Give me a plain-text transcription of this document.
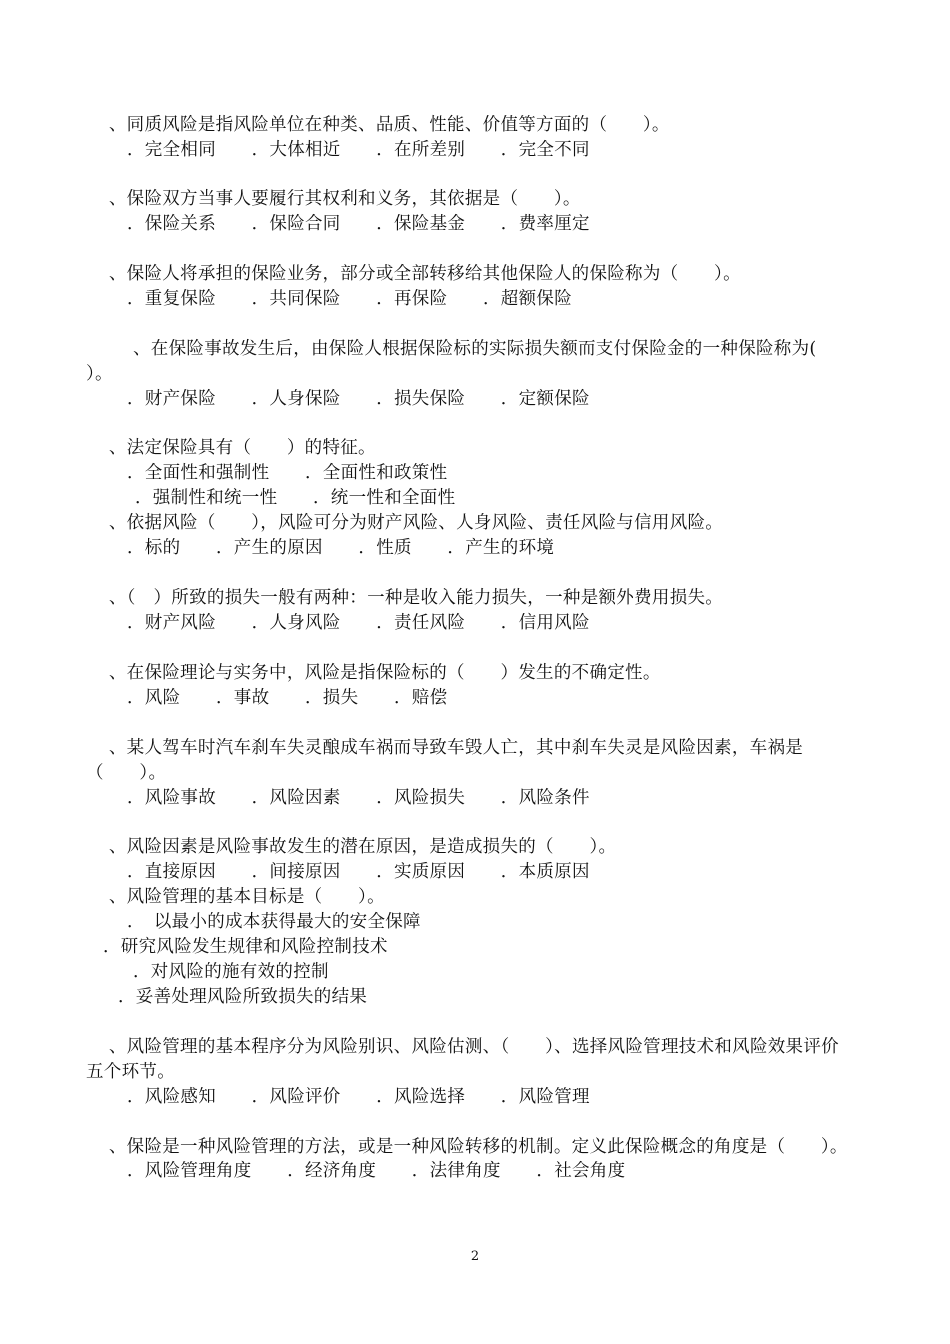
、同质风险是指风险单位在种类、品质、性能、价值等方面的（　　）。
．完全相同　　．大体相近　　．在所差别　　．完全不同
、保险双方当事人要履行其权利和义务，其依据是（　　）。
．保险关系　　．保险合同　　．保险基金　　．费率厘定
、保险人将承担的保险业务，部分或全部转移给其他保险人的保险称为（　　）。
．重复保险　　．共同保险　　．再保险　　．超额保险
、在保险事故发生后，由保险人根据保险标的实际损失额而支付保险金的一种保险称为(
）。
．财产保险　　．人身保险　　．损失保险　　．定额保险
、法定保险具有（　　）的特征。
．全面性和强制性　　．全面性和政策性
．强制性和统一性　　．统一性和全面性
、依据风险（　　），风险可分为财产风险、人身风险、责任风险与信用风险。
．标的　　．产生的原因　　．性质　　．产生的环境
、（　）所致的损失一般有两种：一种是收入能力损失，一种是额外费用损失。
．财产风险　　．人身风险　　．责任风险　　．信用风险
、在保险理论与实务中，风险是指保险标的（　　）发生的不确定性。
．风险　　．事故　　．损失　　．赔偿
、某人驾车时汽车刹车失灵酿成车祸而导致车毁人亡，其中刹车失灵是风险因素，车祸是
（　　）。
．风险事故　　．风险因素　　．风险损失　　．风险条件
、风险因素是风险事故发生的潜在原因，是造成损失的（　　）。
．直接原因　　．间接原因　　．实质原因　　．本质原因
、风险管理的基本目标是（　　）。
．　以最小的成本获得最大的安全保障
．研究风险发生规律和风险控制技术
．对风险的施有效的控制
．妥善处理风险所致损失的结果
、风险管理的基本程序分为风险别识、风险估测、（　　）、选择风险管理技术和风险效果评价
五个环节。
．风险感知　　．风险评价　　．风险选择　　．风险管理
、保险是一种风险管理的方法，或是一种风险转移的机制。定义此保险概念的角度是（　　）。
．风险管理角度　　．经济角度　　．法律角度　　．社会角度
2
